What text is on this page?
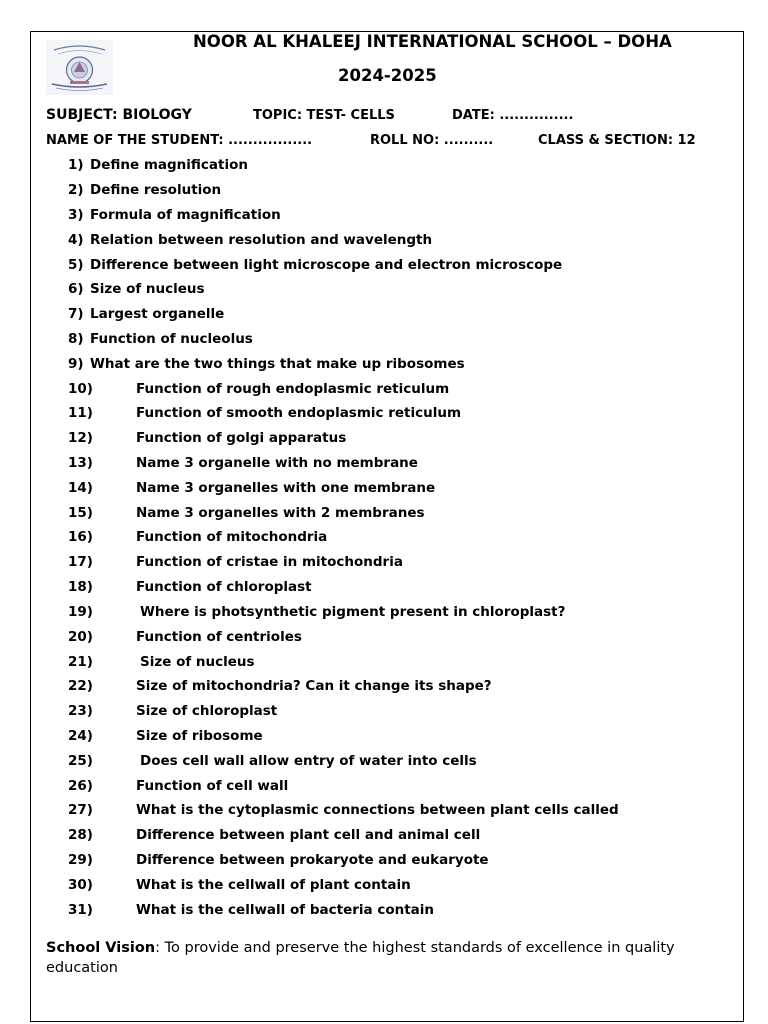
NOOR AL KHALEEJ INTERNATIONAL SCHOOL – DOHA
2024-2025
SUBJECT: BIOLOGY	TOPIC: TEST- CELLS	DATE: ...............
NAME OF THE STUDENT: .................	ROLL NO: ..........	CLASS & SECTION: 12
1) Define magnification
2) Define resolution
3) Formula of magnification
4) Relation between resolution and wavelength
5) Difference between light microscope and electron microscope
6) Size of nucleus
7) Largest organelle
8) Function of nucleolus
9) What are the two things that make up ribosomes
10)	Function of rough endoplasmic reticulum
11)	Function of smooth endoplasmic reticulum
12)	Function of golgi apparatus
13)	Name 3 organelle with no membrane
14)	Name 3 organelles with one membrane
15)	Name 3 organelles with 2 membranes
16)	Function of mitochondria
17)	Function of cristae in mitochondria
18)	Function of chloroplast
19)	Where is photsynthetic pigment present in chloroplast?
20)	Function of centrioles
21)	Size of nucleus
22)	Size of mitochondria? Can it change its shape?
23)	Size of chloroplast
24)	Size of ribosome
25)	Does cell wall allow entry of water into cells
26)	Function of cell wall
27)	What is the cytoplasmic connections between plant cells called
28)	Difference between plant cell and animal cell
29)	Difference between prokaryote and eukaryote
30)	What is the cellwall of plant contain
31)	What is the cellwall of bacteria contain
School Vision: To provide and preserve the highest standards of excellence in quality education
